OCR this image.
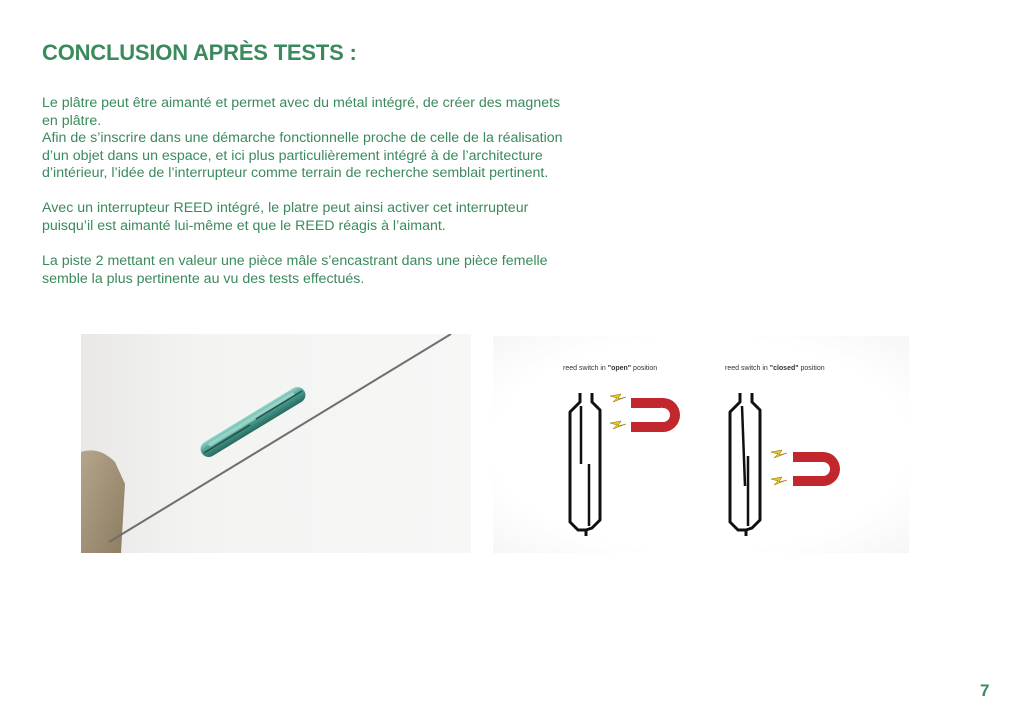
CONCLUSION APRÈS TESTS :

Le plâtre peut être aimanté et permet avec du métal intégré, de créer des magnets
en plâtre.
Afin de s’inscrire dans une démarche fonctionnelle proche de celle de la réalisation
d’un objet dans un espace, et ici plus particulièrement intégré à de l’architecture
d’intérieur, l’idée de l’interrupteur comme terrain de recherche semblait pertinent.

Avec un interrupteur REED intégré, le platre peut ainsi activer cet interrupteur
puisqu’il est aimanté lui-même et que le REED réagis à l’aimant.

La piste 2 mettant en valeur une pièce mâle s’encastrant dans une pièce femelle
semble la plus pertinente au vu des tests effectués.

reed switch in "open" position	reed switch in "closed" position
magnet
magnet
7
